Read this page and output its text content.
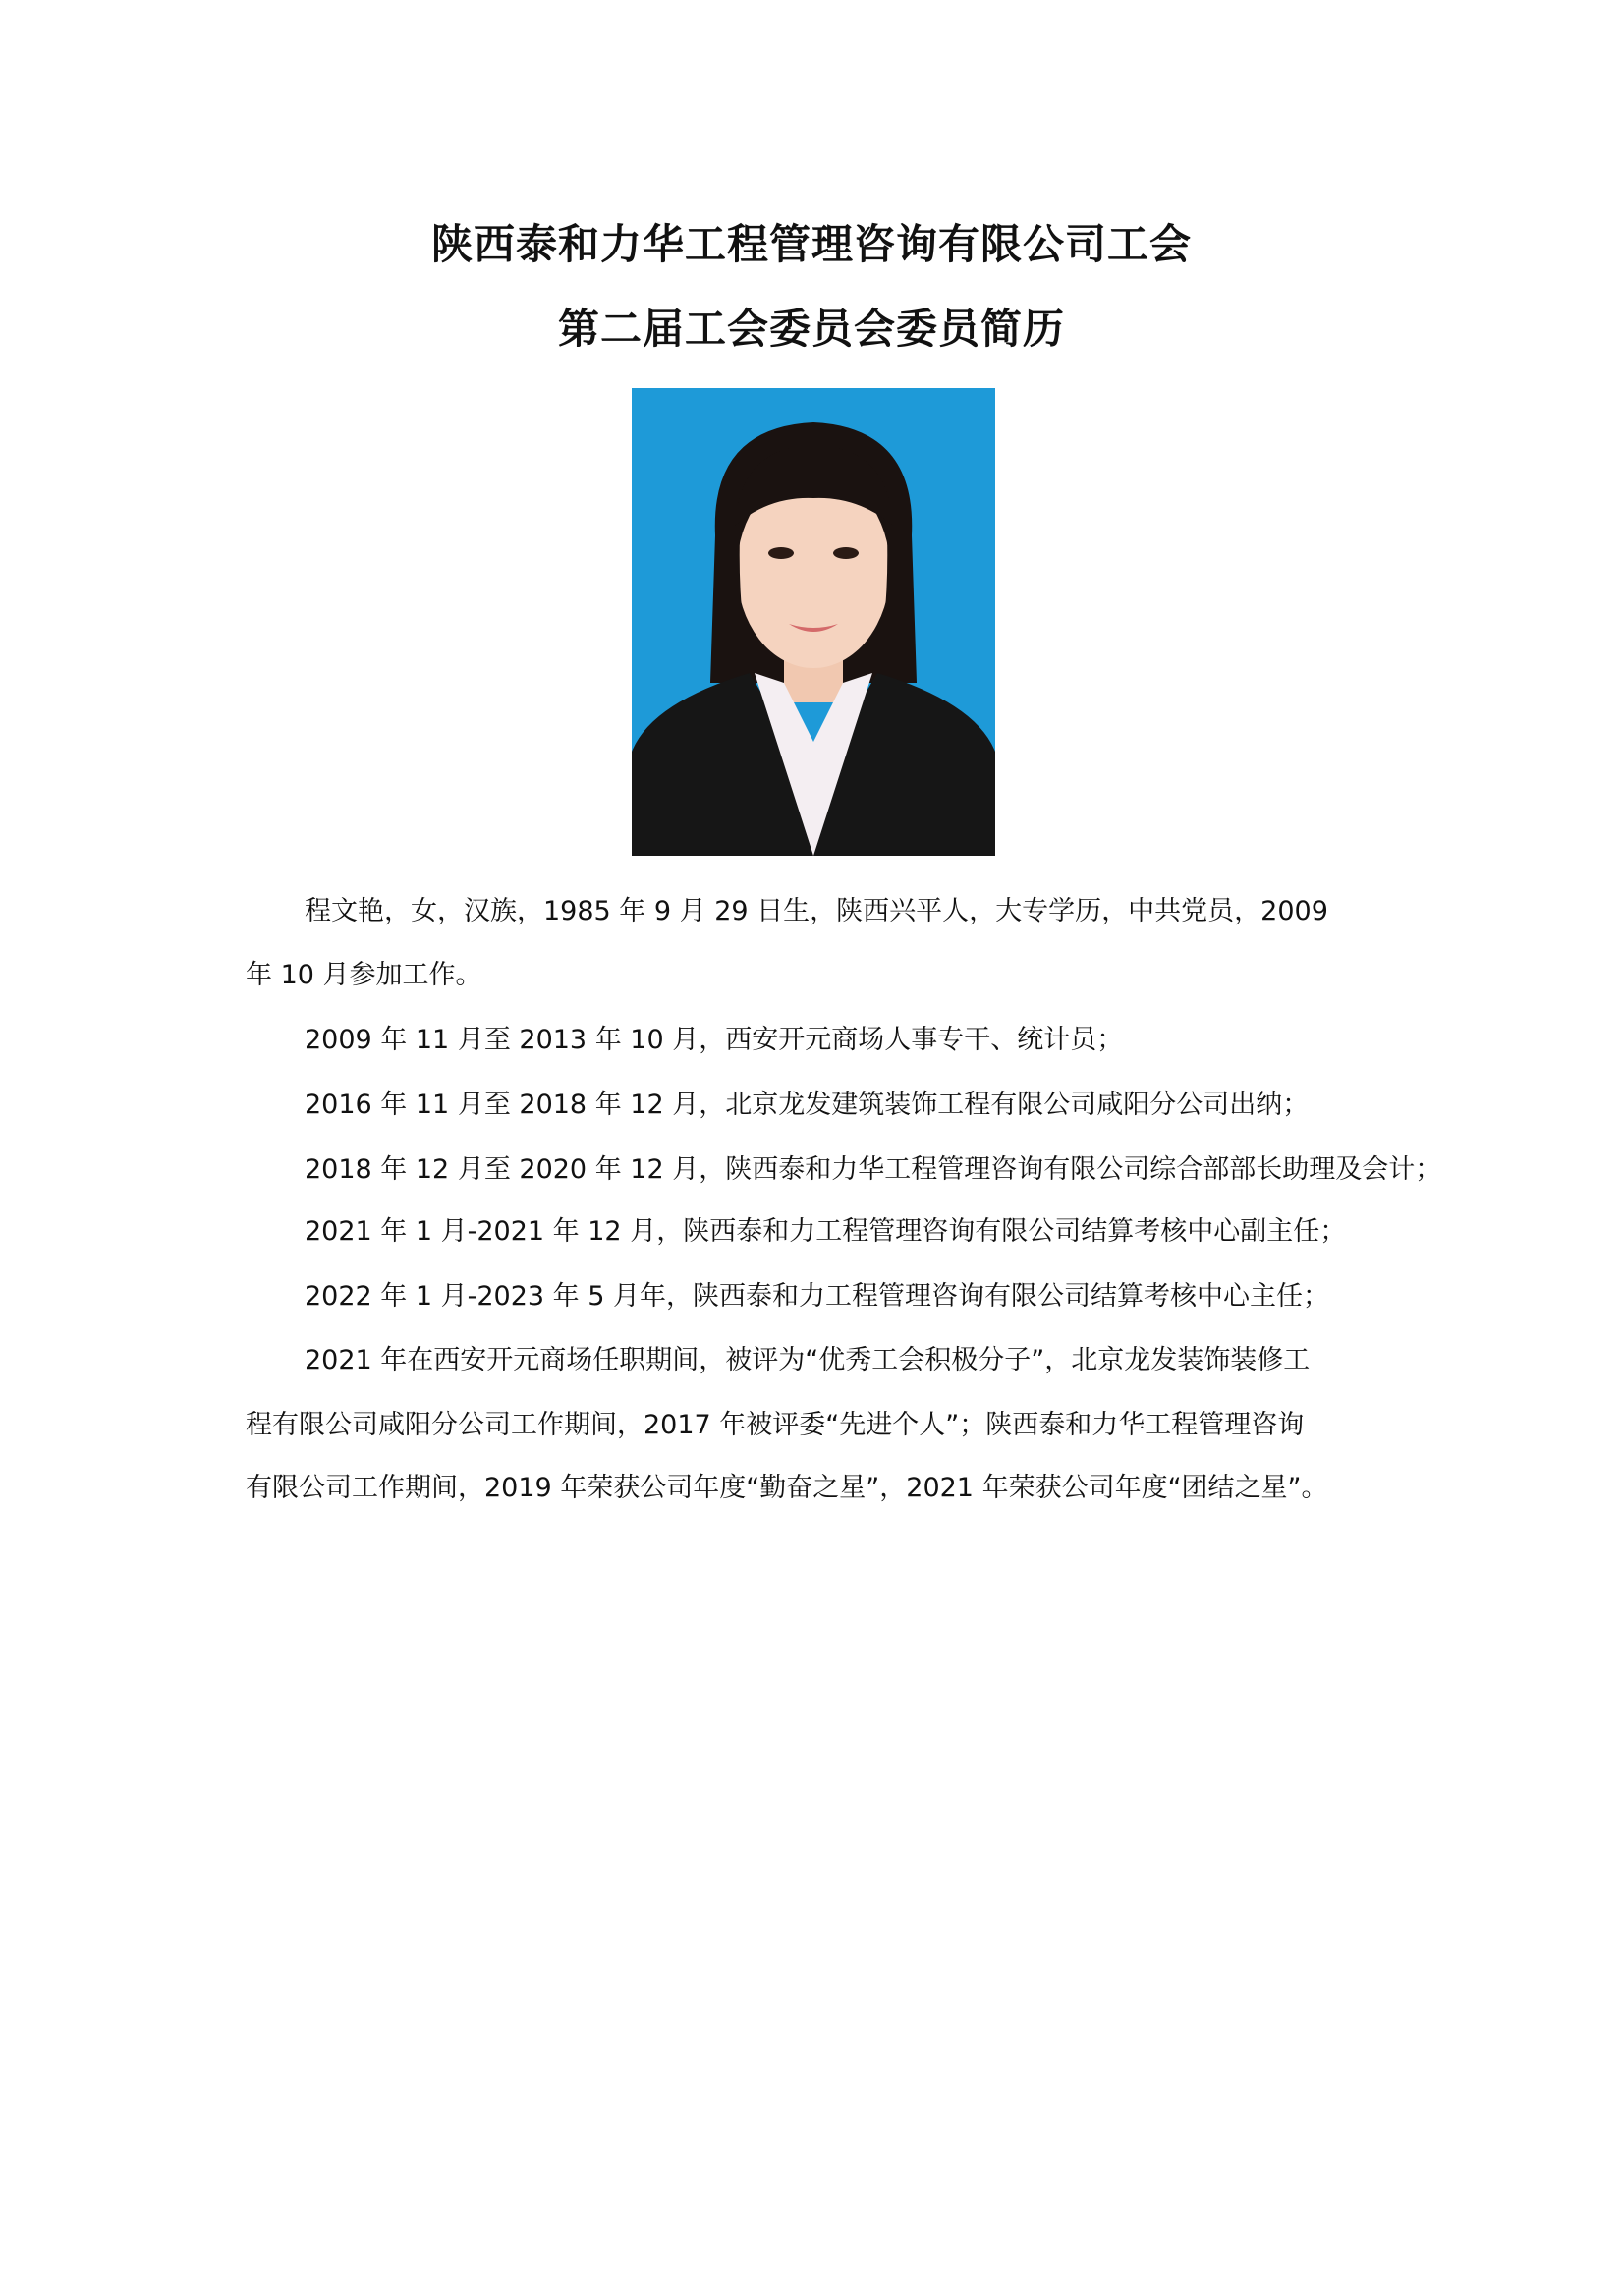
陕西泰和力华工程管理咨询有限公司工会
第二届工会委员会委员简历
程文艳，女，汉族，1985 年 9 月 29 日生，陕西兴平人，大专学历，中共党员，2009
年 10 月参加工作。
2009 年 11 月至 2013 年 10 月，西安开元商场人事专干、统计员；
2016 年 11 月至 2018 年 12 月，北京龙发建筑装饰工程有限公司咸阳分公司出纳；
2018 年 12 月至 2020 年 12 月，陕西泰和力华工程管理咨询有限公司综合部部长助理及会计；
2021 年 1 月-2021 年 12 月，陕西泰和力工程管理咨询有限公司结算考核中心副主任；
2022 年 1 月-2023 年 5 月年，陕西泰和力工程管理咨询有限公司结算考核中心主任；
2021 年在西安开元商场任职期间，被评为“优秀工会积极分子”，北京龙发装饰装修工
程有限公司咸阳分公司工作期间，2017 年被评委“先进个人”；陕西泰和力华工程管理咨询
有限公司工作期间，2019 年荣获公司年度“勤奋之星”，2021 年荣获公司年度“团结之星”。
